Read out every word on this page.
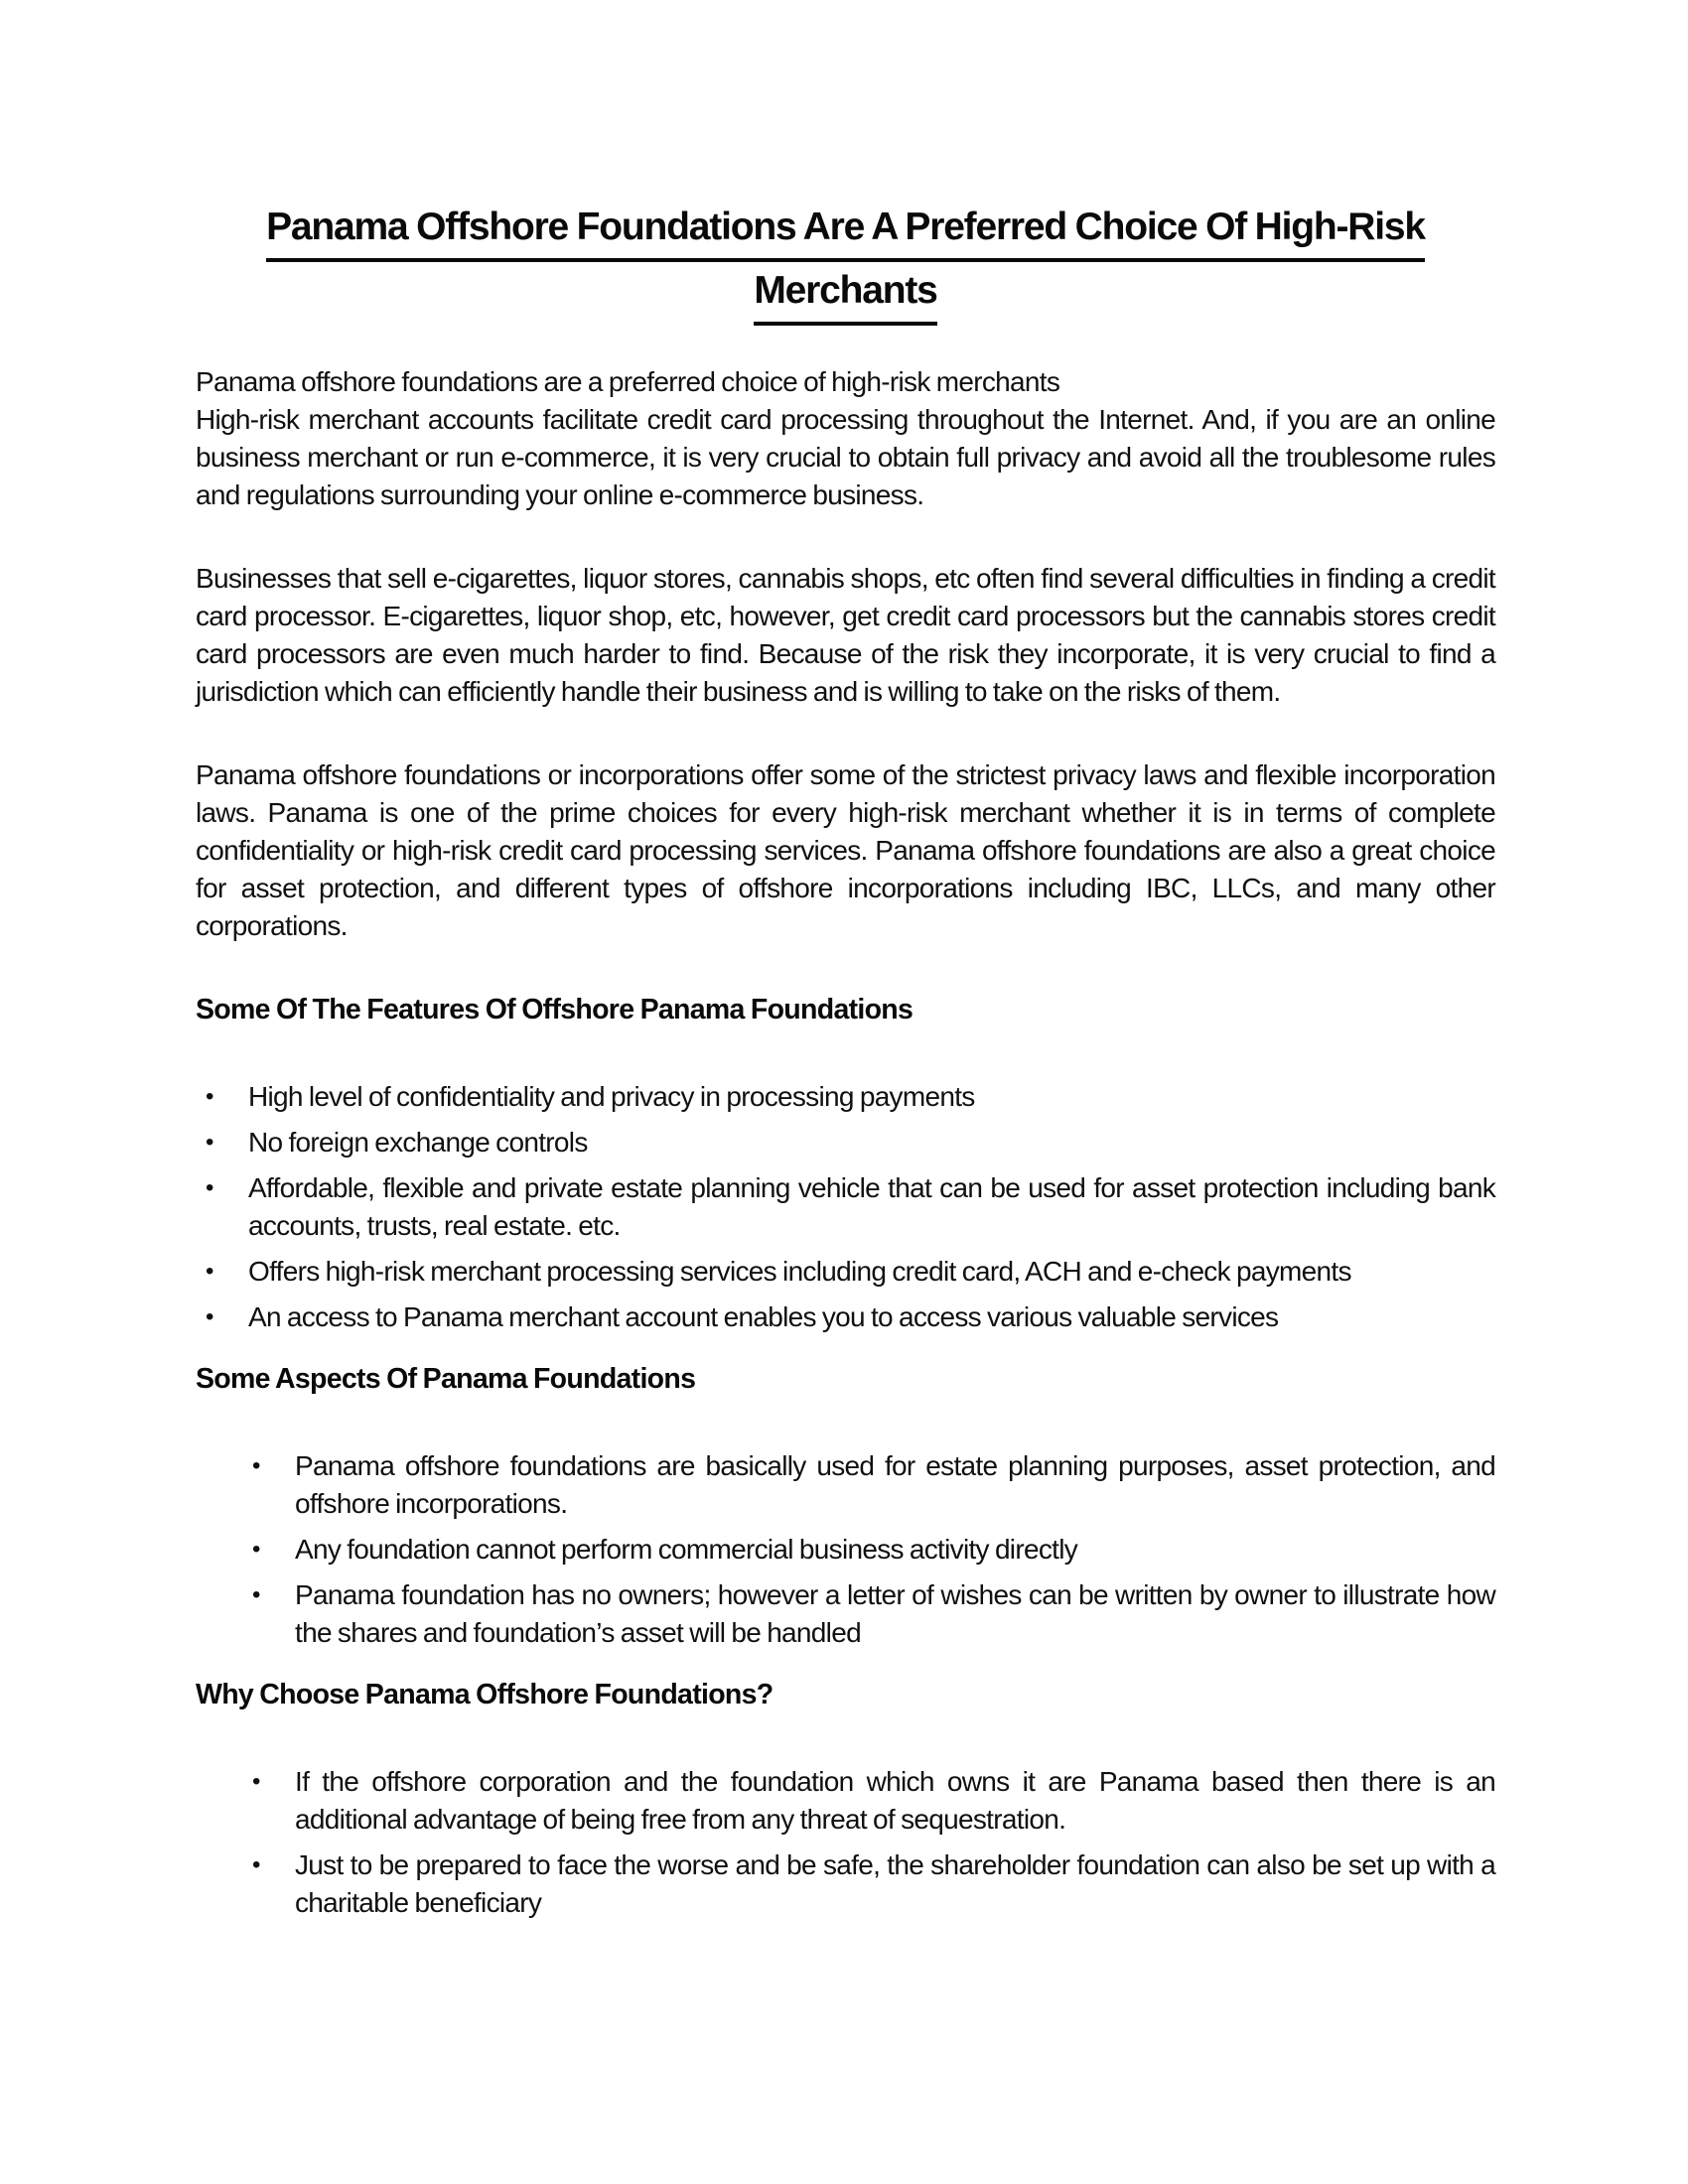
Panama Offshore Foundations Are A Preferred Choice Of High-Risk
Merchants

Panama offshore foundations are a preferred choice of high-risk merchants
High-risk merchant accounts facilitate credit card processing throughout the Internet. And, if you are an online business merchant or run e-commerce, it is very crucial to obtain full privacy and avoid all the troublesome rules and regulations surrounding your online e-commerce business.

Businesses that sell e-cigarettes, liquor stores, cannabis shops, etc often find several difficulties in finding a credit card processor. E-cigarettes, liquor shop, etc, however, get credit card processors but the cannabis stores credit card processors are even much harder to find. Because of the risk they incorporate, it is very crucial to find a jurisdiction which can efficiently handle their business and is willing to take on the risks of them.

Panama offshore foundations or incorporations offer some of the strictest privacy laws and flexible incorporation laws. Panama is one of the prime choices for every high-risk merchant whether it is in terms of complete confidentiality or high-risk credit card processing services. Panama offshore foundations are also a great choice for asset protection, and different types of offshore incorporations including IBC, LLCs, and many other corporations.

Some Of The Features Of Offshore Panama Foundations
• High level of confidentiality and privacy in processing payments
• No foreign exchange controls
• Affordable, flexible and private estate planning vehicle that can be used for asset protection including bank accounts, trusts, real estate. etc.
• Offers high-risk merchant processing services including credit card, ACH and e-check payments
• An access to Panama merchant account enables you to access various valuable services
Some Aspects Of Panama Foundations
• Panama offshore foundations are basically used for estate planning purposes, asset protection, and offshore incorporations.
• Any foundation cannot perform commercial business activity directly
• Panama foundation has no owners; however a letter of wishes can be written by owner to illustrate how the shares and foundation’s asset will be handled
Why Choose Panama Offshore Foundations?
• If the offshore corporation and the foundation which owns it are Panama based then there is an additional advantage of being free from any threat of sequestration.
• Just to be prepared to face the worse and be safe, the shareholder foundation can also be set up with a charitable beneficiary
